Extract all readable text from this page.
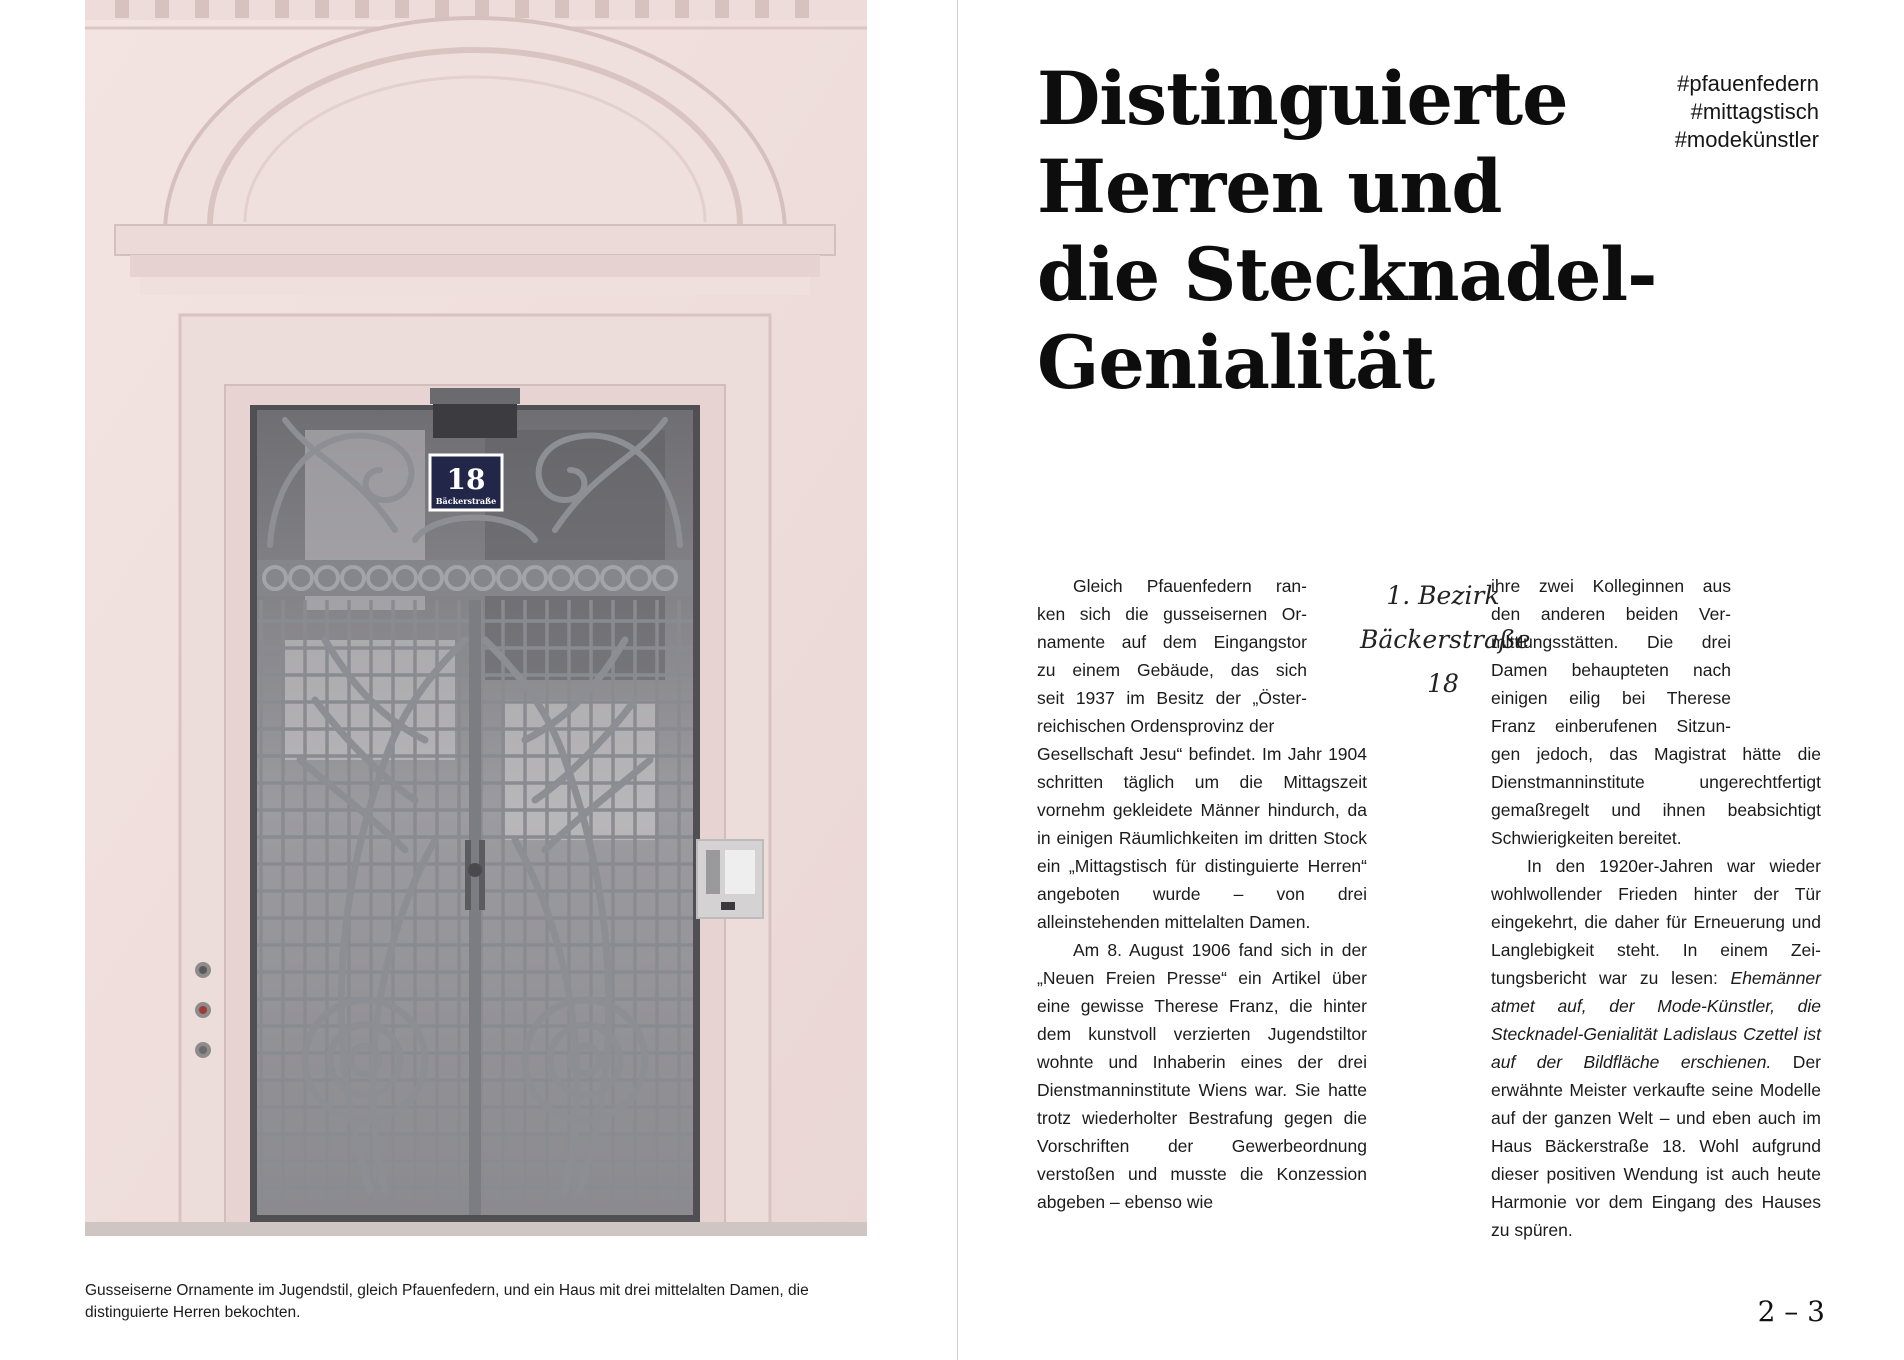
18
Bäckerstraße

Gusseiserne Ornamente im Jugendstil, gleich Pfauenfedern, und ein Haus mit drei mittelalten Damen, die distinguierte Herren bekochten.

Distinguierte
Herren und
die Stecknadel-
Genialität
#pfauenfedern
#mittagstisch
#modekünstler
1. Bezirk
Bäckerstraße
18
Gleich Pfauenfedern ran-
ken sich die gusseisernen Or-
namente auf dem Eingangstor
zu einem Gebäude, das sich
seit 1937 im Besitz der „Öster-
reichischen Ordensprovinz der

Gesellschaft Jesu“ befindet. Im Jahr 1904 schritten täglich um die Mittagszeit vornehm gekleidete Männer hindurch, da in einigen Räumlichkeiten im dritten Stock ein „Mittagstisch für distinguierte Herren“ angeboten wurde – von drei alleinstehenden mittelalten Damen.

Am 8. August 1906 fand sich in der „Neuen Freien Presse“ ein Artikel über eine gewisse Therese Franz, die hinter dem kunstvoll verzierten Jugendstiltor wohnte und Inhaberin eines der drei Dienstmanninstitute Wiens war. Sie hatte trotz wiederholter Bestrafung gegen die Vorschriften der Gewerbeordnung verstoßen und musste die Konzession abgeben – ebenso wie

ihre zwei Kolleginnen aus
den anderen beiden Ver-
mittlungsstätten. Die drei
Damen behaupteten nach
einigen eilig bei Therese
Franz einberufenen Sitzun-

gen jedoch, das Magistrat hätte die Dienstmanninstitute ungerechtfertigt gemaßregelt und ihnen beabsichtigt Schwierigkeiten bereitet.

In den 1920er-Jahren war wieder wohlwollender Frieden hinter der Tür eingekehrt, die daher für Erneuerung und Langlebigkeit steht. In einem Zeitungsbericht war zu lesen: Ehemänner atmet auf, der Mode-Künstler, die Stecknadel-Genialität Ladislaus Czettel ist auf der Bildfläche erschienen. Der erwähnte Meister verkaufte seine Modelle auf der ganzen Welt – und eben auch im Haus Bäckerstraße 18. Wohl aufgrund dieser positiven Wendung ist auch heute Harmonie vor dem Eingang des Hauses zu spüren.

2 – 3
